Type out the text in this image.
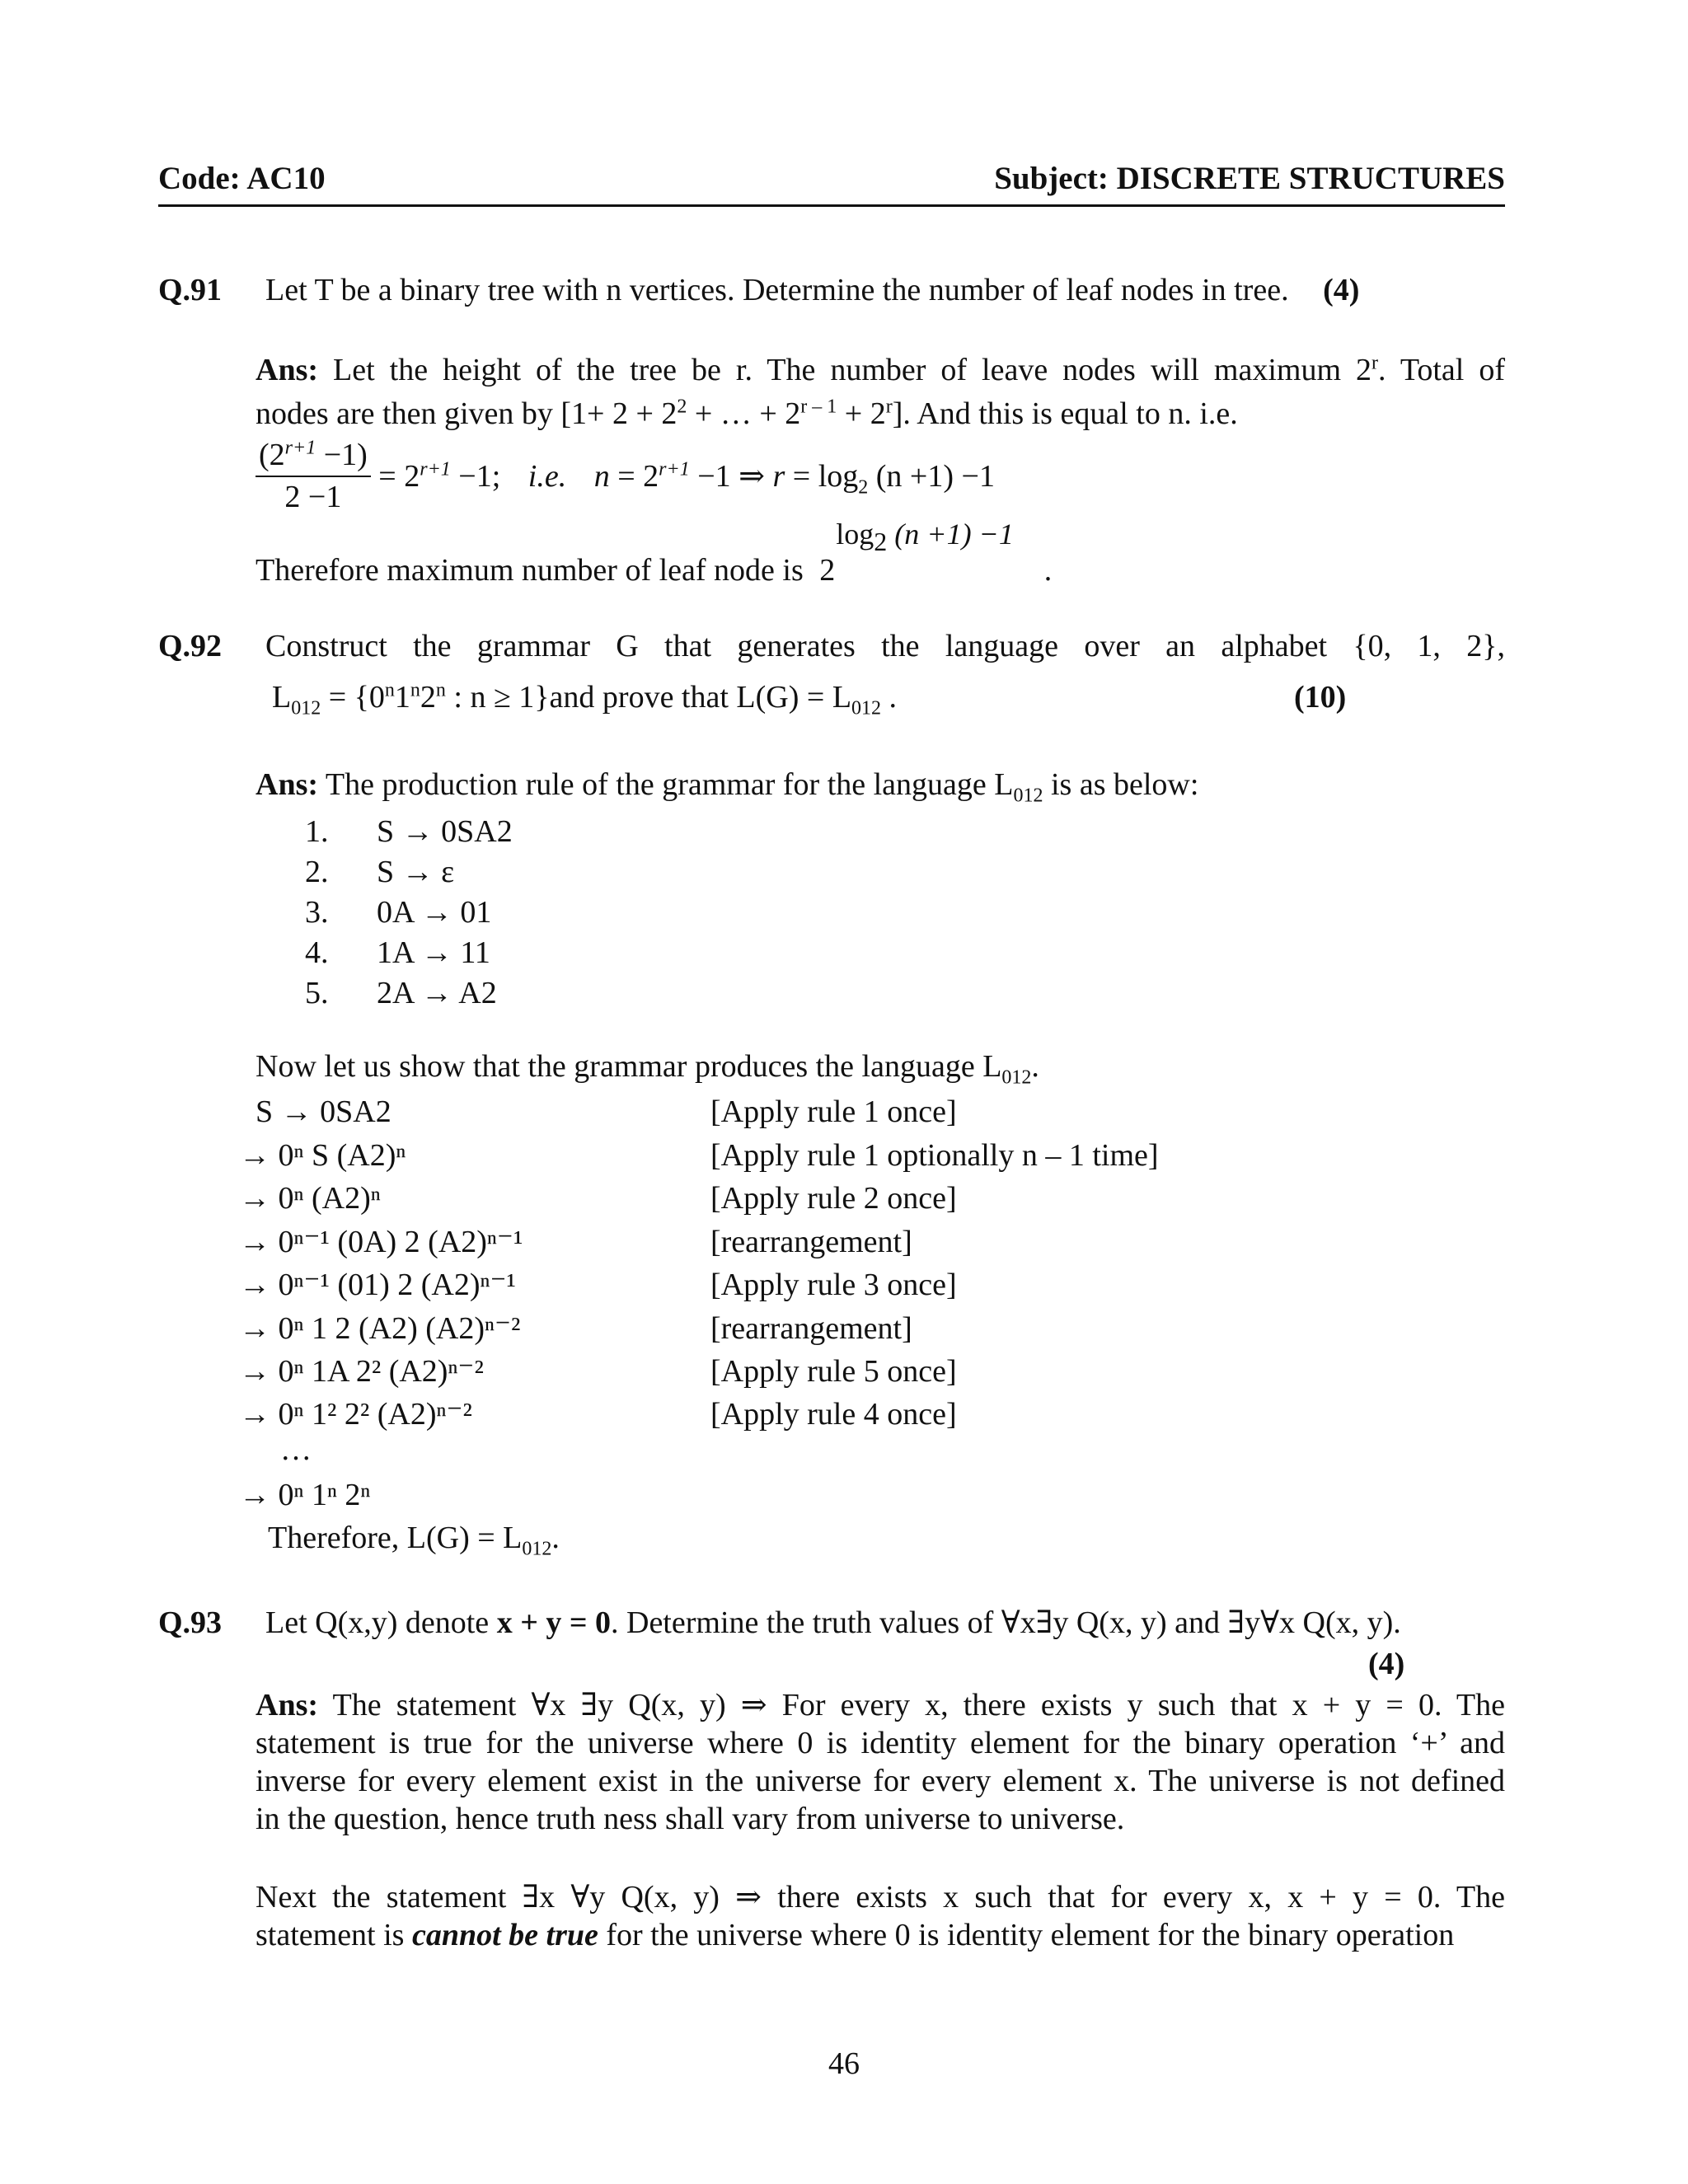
Code: AC10	Subject: DISCRETE STRUCTURES
Q.91 Let T be a binary tree with n vertices. Determine the number of leaf nodes in tree. (4)
Ans: Let the height of the tree be r. The number of leave nodes will maximum 2$^r$. Total of
nodes are then given by [$1+ 2 + 2^2$ + … + $2^{r - 1} + 2^r$]. And this is equal to n. i.e.
$\frac{(2^{r+1} -1)}{2 -1} = 2^{r+1} -1$; i.e. $n = 2^{r+1} -1$ ⇒ $r = \log_2 (n +1) -1$
Therefore maximum number of leaf node is 2
$\log_2 (n +1) -1$
.
Q.92 Construct the grammar G that generates the language over an alphabet {0, 1, 2},
$L_{012} = \{0^n1^n2^n$ : n ≥ 1}and prove that $L(G) = L_{012}$ .	(10)
Ans: The production rule of the grammar for the language $L_{012}$ is as below:
1. S → 0SA2
2. S → ε
3. 0A → 01
4. 1A → 11
5. 2A → A2
Now let us show that the grammar produces the language $L_{012}$.
S → 0SA2	[Apply rule 1 once]
→ 0ⁿ S (A2)ⁿ	[Apply rule 1 optionally n – 1 time]
→ 0ⁿ (A2)ⁿ	[Apply rule 2 once]
→ 0ⁿ⁻¹ (0A) 2 (A2)ⁿ⁻¹	[rearrangement]
→ 0ⁿ⁻¹ (01) 2 (A2)ⁿ⁻¹	[Apply rule 3 once]
→ 0ⁿ 1 2 (A2) (A2)ⁿ⁻²	[rearrangement]
→ 0ⁿ 1A 2² (A2)ⁿ⁻²	[Apply rule 5 once]
→ 0ⁿ 1² 2² (A2)ⁿ⁻²	[Apply rule 4 once]
…
→ 0ⁿ 1ⁿ 2ⁿ
Therefore, $L(G) = L_{012}$.
Q.93 Let Q(x,y) denote x + y = 0. Determine the truth values of ∀x∃y Q(x, y) and ∃y∀x Q(x, y).
(4)
Ans: The statement ∀x ∃y Q(x, y) ⇒ For every x, there exists y such that x + y = 0. The
statement is true for the universe where 0 is identity element for the binary operation ‘+’ and
inverse for every element exist in the universe for every element x. The universe is not defined
in the question, hence truth ness shall vary from universe to universe.
Next the statement ∃x ∀y Q(x, y) ⇒ there exists x such that for every x, x + y = 0. The
statement is cannot be true for the universe where 0 is identity element for the binary operation
46
